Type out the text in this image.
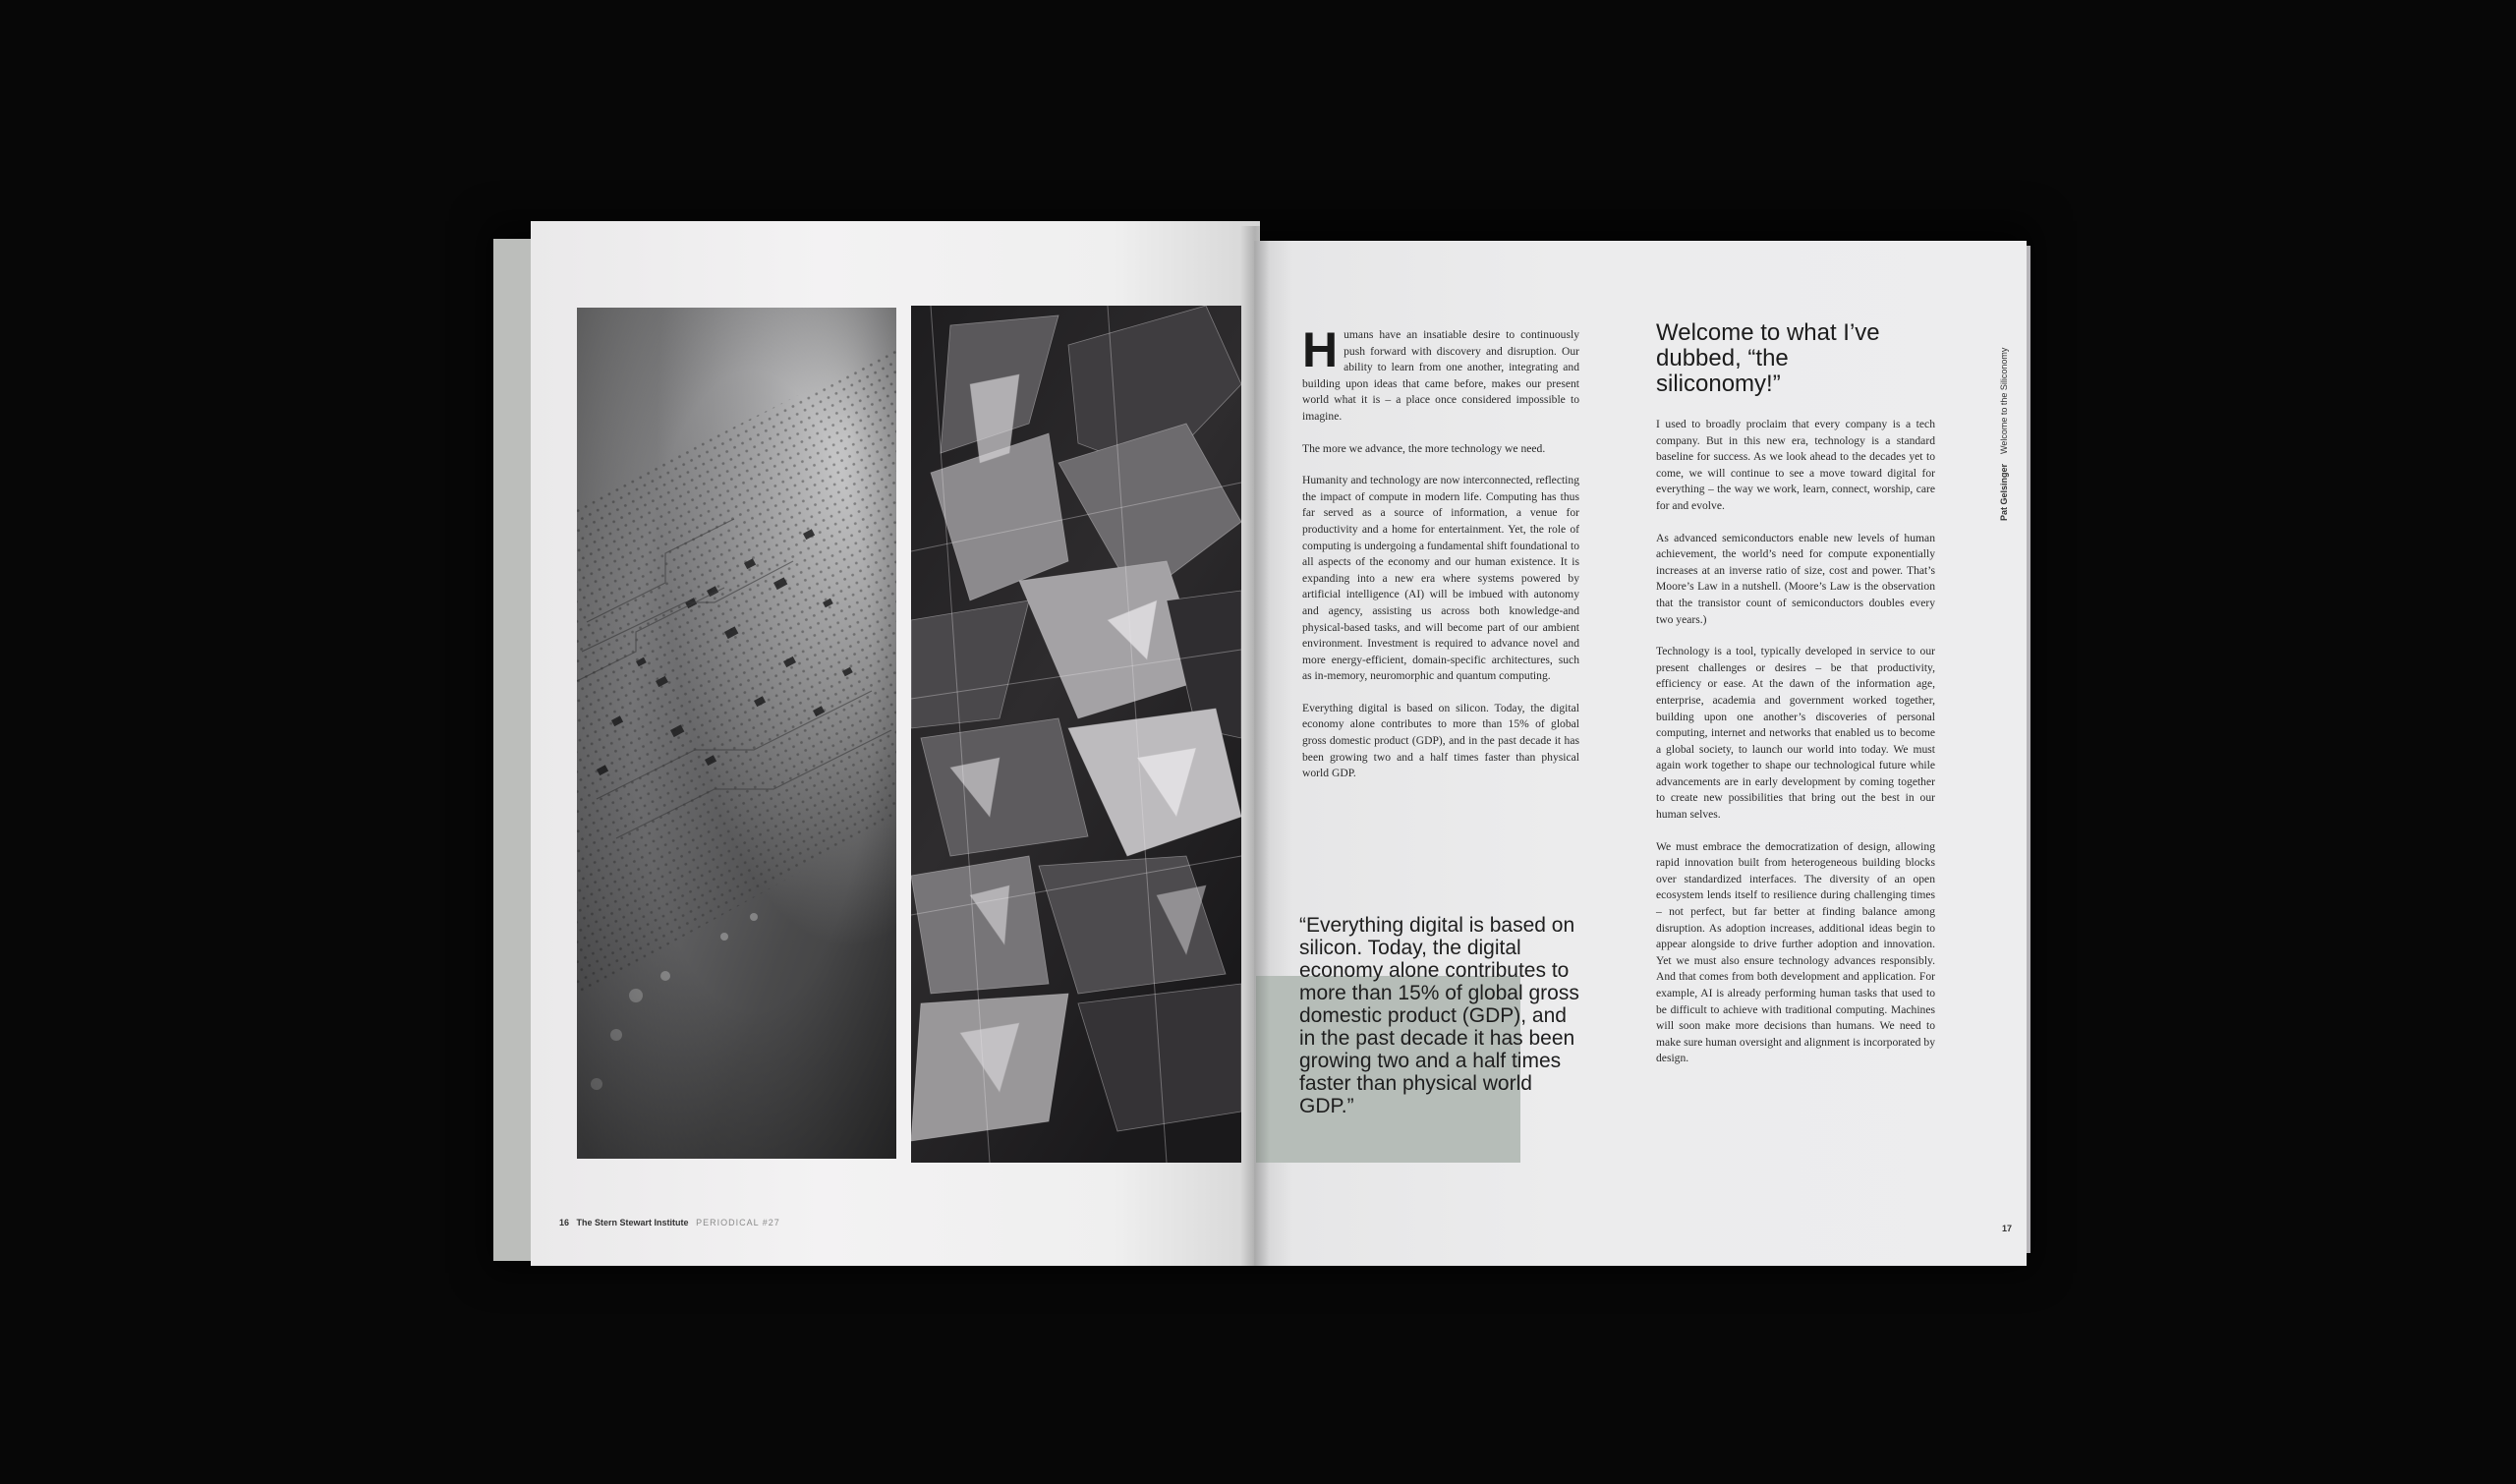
16 The Stern Stewart Institute PERIODICAL #27

Humans have an insatiable desire to continuously push forward with discovery and disruption. Our ability to learn from one another, integrating and building upon ideas that came before, makes our present world what it is – a place once considered impossible to imagine.

The more we advance, the more technology we need.

Humanity and technology are now interconnected, reflecting the impact of compute in modern life. Computing has thus far served as a source of information, a venue for productivity and a home for entertainment. Yet, the role of computing is undergoing a fundamental shift foundational to all aspects of the economy and our human existence. It is expanding into a new era where systems powered by artificial intelligence (AI) will be imbued with autonomy and agency, assisting us across both knowledge-and physical-based tasks, and will become part of our ambient environment. Investment is required to advance novel and more energy-efficient, domain-specific architectures, such as in-memory, neuromorphic and quantum computing.

Everything digital is based on silicon. Today, the digital economy alone contributes to more than 15% of global gross domestic product (GDP), and in the past decade it has been growing two and a half times faster than physical world GDP.

“Everything digital is based on silicon. Today, the digital economy alone contributes to more than 15% of global gross domestic product (GDP), and in the past decade it has been growing two and a half times faster than physical world GDP.”

Welcome to what I’ve dubbed, “the siliconomy!”

I used to broadly proclaim that every company is a tech company. But in this new era, technology is a standard baseline for success. As we look ahead to the decades yet to come, we will continue to see a move toward digital for everything – the way we work, learn, connect, worship, care for and evolve.

As advanced semiconductors enable new levels of human achievement, the world’s need for compute exponentially increases at an inverse ratio of size, cost and power. That’s Moore’s Law in a nutshell. (Moore’s Law is the observation that the transistor count of semiconductors doubles every two years.)

Technology is a tool, typically developed in service to our present challenges or desires – be that productivity, efficiency or ease. At the dawn of the information age, enterprise, academia and government worked together, building upon one another’s discoveries of personal computing, internet and networks that enabled us to become a global society, to launch our world into today. We must again work together to shape our technological future while advancements are in early development by coming together to create new possibilities that bring out the best in our human selves.

We must embrace the democratization of design, allowing rapid innovation built from heterogeneous building blocks over standardized interfaces. The diversity of an open ecosystem lends itself to resilience during challenging times – not perfect, but far better at finding balance among disruption. As adoption increases, additional ideas begin to appear alongside to drive further adoption and innovation. Yet we must also ensure technology advances responsibly. And that comes from both development and application. For example, AI is already performing human tasks that used to be difficult to achieve with traditional computing. Machines will soon make more decisions than humans. We need to make sure human oversight and alignment is incorporated by design.

Pat Gelsinger    Welcome to the Siliconomy
17
